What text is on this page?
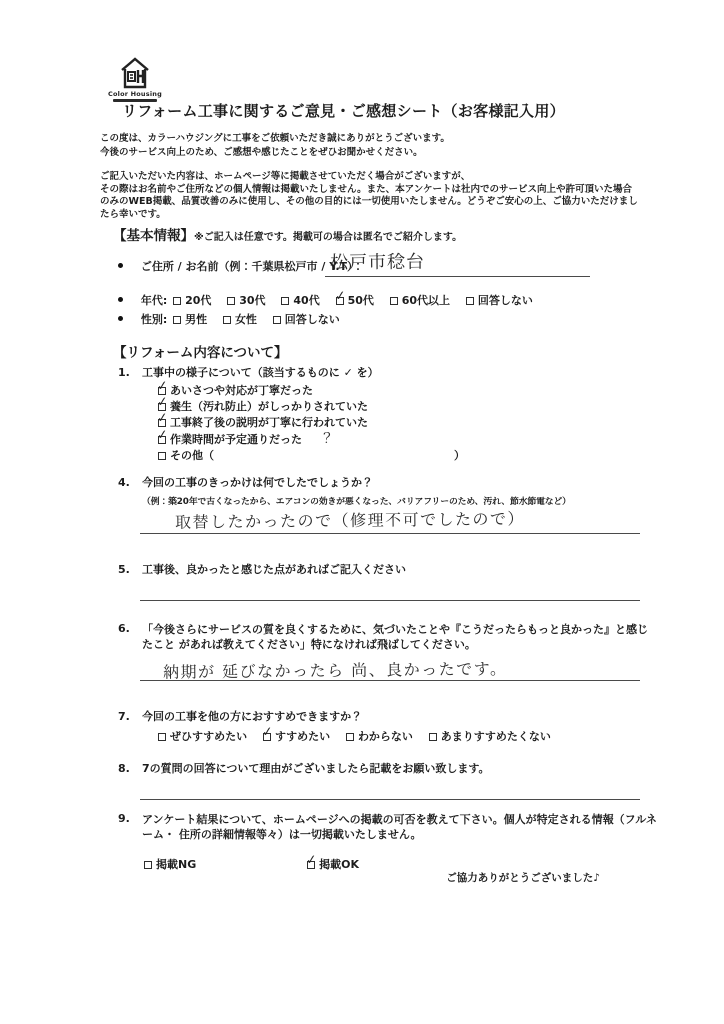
Color Housing
リフォーム工事に関するご意見・ご感想シート（お客様記入用）
この度は、カラーハウジングに工事をご依頼いただき誠にありがとうございます。
今後のサービス向上のため、ご感想や感じたことをぜひお聞かせください。
ご記入いただいた内容は、ホームページ等に掲載させていただく場合がございますが、
その際はお名前やご住所などの個人情報は掲載いたしません。また、本アンケートは社内でのサービス向上や許可頂いた場合のみのWEB掲載、品質改善のみに使用し、その他の目的には一切使用いたしません。どうぞご安心の上、ご協力いただけましたら幸いです。
【基本情報】※ご記入は任意です。掲載可の場合は匿名でご紹介します。
ご住所 / お名前（例：千葉県松戸市 / Y.T）：
松戸市稔台
年代: 20代	30代	40代 ✓	50代	60代以上	回答しない
性別: 男性	女性	回答しない
【リフォーム内容について】
1. 工事中の様子について（該当するものに ✓ を）
✓あいさつや対応が丁寧だった
✓養生（汚れ防止）がしっかりされていた
✓工事終了後の説明が丁寧に行われていた
✓作業時間が予定通りだった ？
その他（	）
4. 今回の工事のきっかけは何でしたでしょうか？
（例：築20年で古くなったから、エアコンの効きが悪くなった、バリアフリーのため、汚れ、節水節電など）
取替したかったので（修理不可でしたので）
5. 工事後、良かったと感じた点があればご記入ください
6.	「今後さらにサービスの質を良くするために、気づいたことや『こうだったらもっと良かった』と感じたこと があれば教えてください」特になければ飛ばしてください。
納期が 延びなかったら 尚、良かったです。
7. 今回の工事を他の方におすすめできますか？
ぜひすすめたい ✓	すすめたい	わからない	あまりすすめたくない
8. 7の質問の回答について理由がございましたら記載をお願い致します。
9.	アンケート結果について、ホームページへの掲載の可否を教えて下さい。個人が特定される情報（フルネーム・ 住所の詳細情報等々）は一切掲載いたしません。
掲載NG ✓	掲載OK
ご協力ありがとうございました♪
